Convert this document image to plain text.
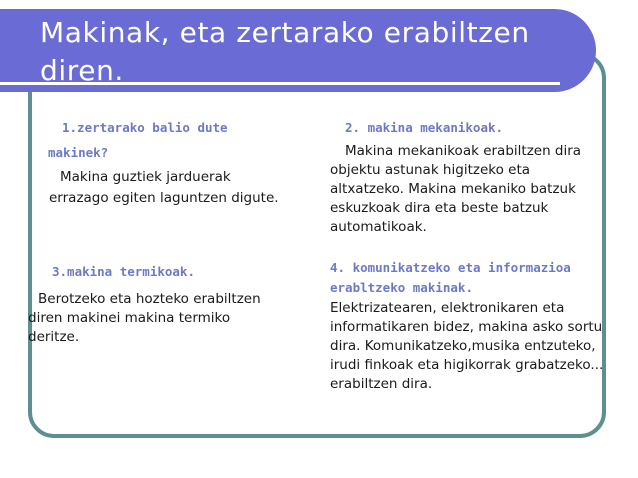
Makinak, eta zertarako erabiltzen diren.

1.zertarako balio dute

makinek?

Makina guztiek jarduerak

errazago egiten laguntzen digute.

2. makina mekanikoak.

Makina mekanikoak erabiltzen dira

objektu astunak higitzeko eta altxatzeko. Makina mekaniko batzuk eskuzkoak dira eta beste batzuk automatikoak.

3.makina termikoak.

Berotzeko eta hozteko erabiltzen

diren makinei makina termiko deritze.

4. komunikatzeko eta informazioa erabltzeko makinak.

Elektrizatearen, elektronikaren eta informatikaren bidez, makina asko sortu dira. Komunikatzeko,musika entzuteko, irudi finkoak eta higikorrak grabatzeko... erabiltzen dira.
